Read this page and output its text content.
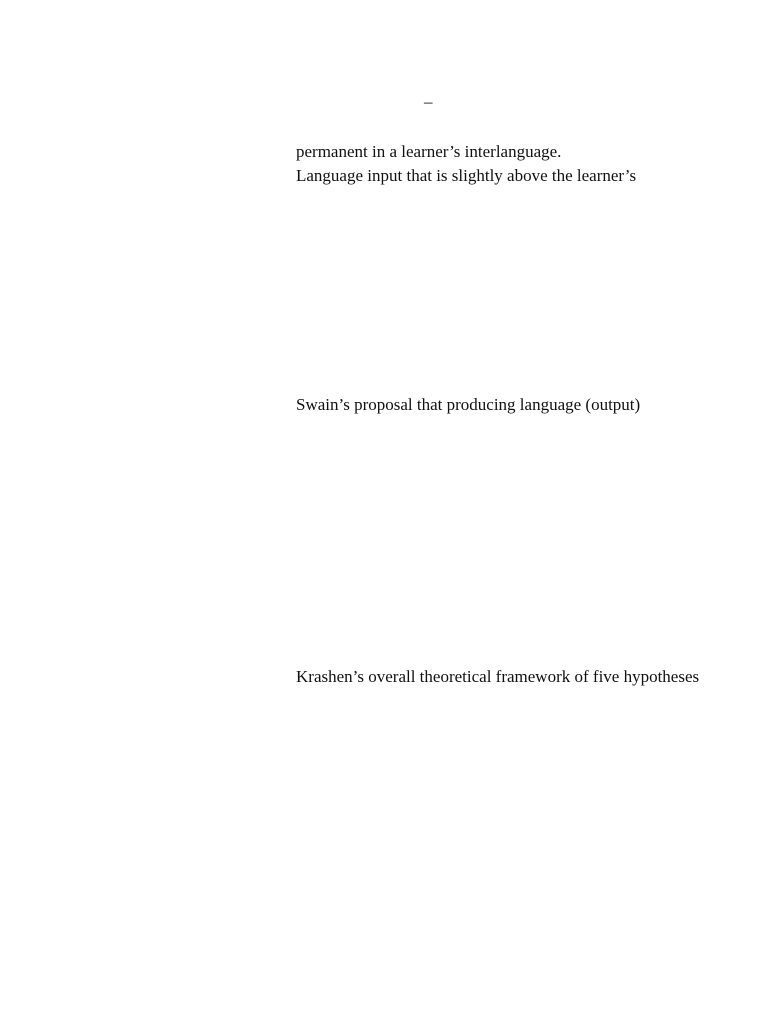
–
permanent in a learner’s interlanguage.
Language input that is slightly above the learner’s
Swain’s proposal that producing language (output)
Krashen’s overall theoretical framework of five hypotheses
